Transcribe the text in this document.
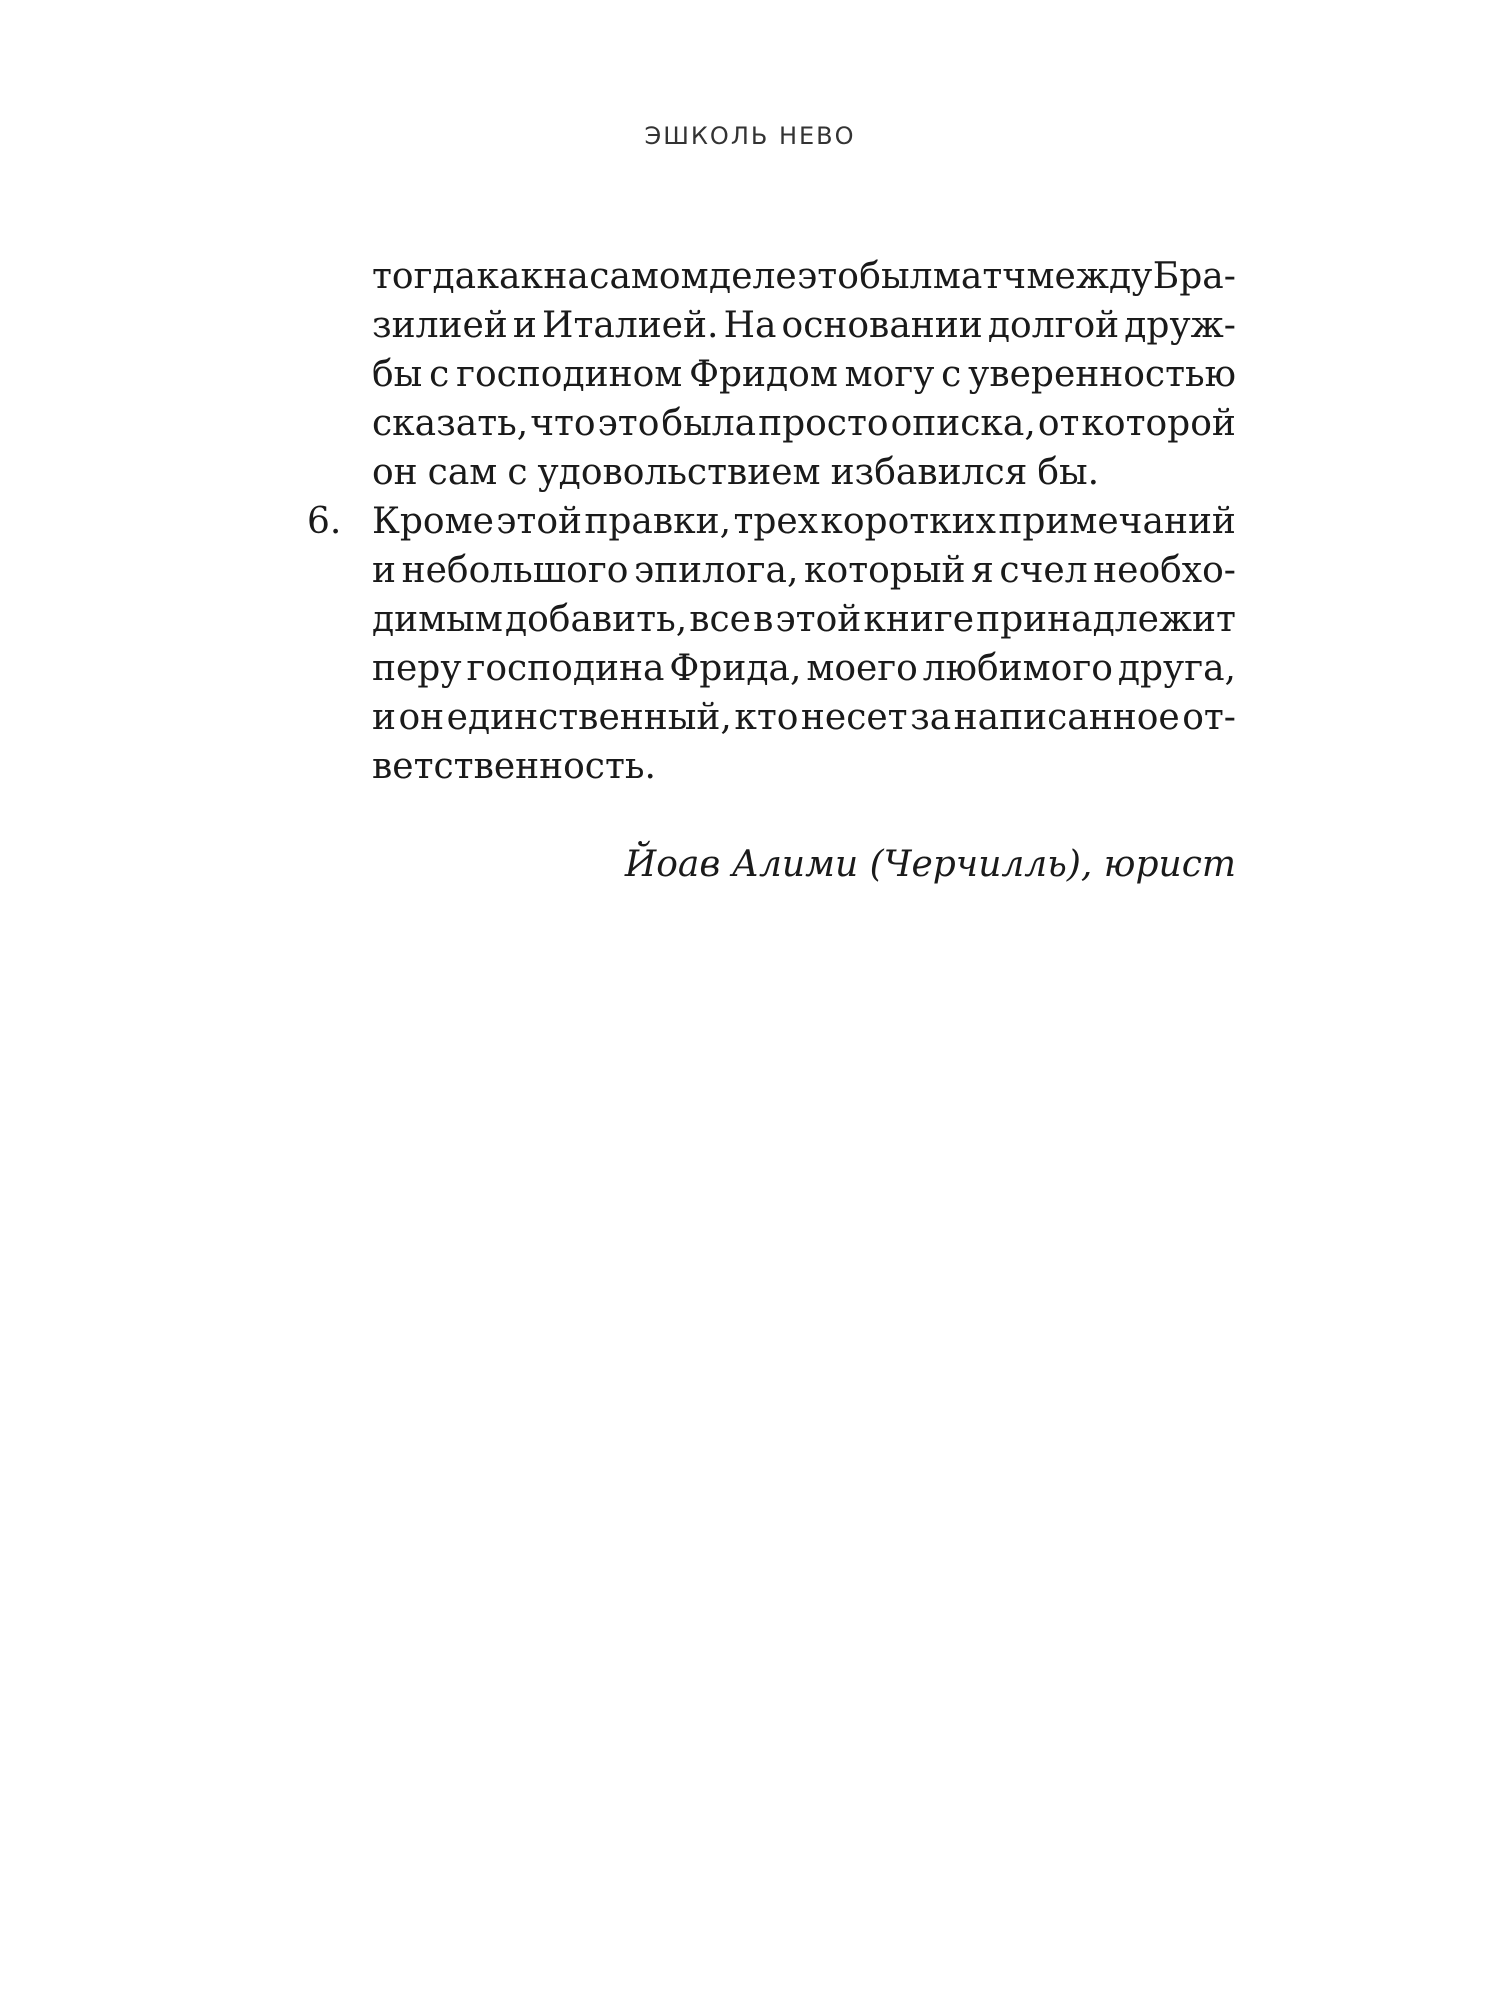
ЭШКОЛЬ НЕВО
тогда как на самом деле это был матч между Бра-
зилией и Италией. На основании долгой друж-
бы с господином Фридом могу с уверенностью
сказать, что это была просто описка, от которой
он сам с удовольствием избавился бы.
6. Кроме этой правки, трех коротких примечаний
и небольшого эпилога, который я счел необхо-
димым добавить, все в этой книге принадлежит
перу господина Фрида, моего любимого друга,
и он единственный, кто несет за написанное от-
ветственность.
Йоав Алими (Черчилль), юрист
